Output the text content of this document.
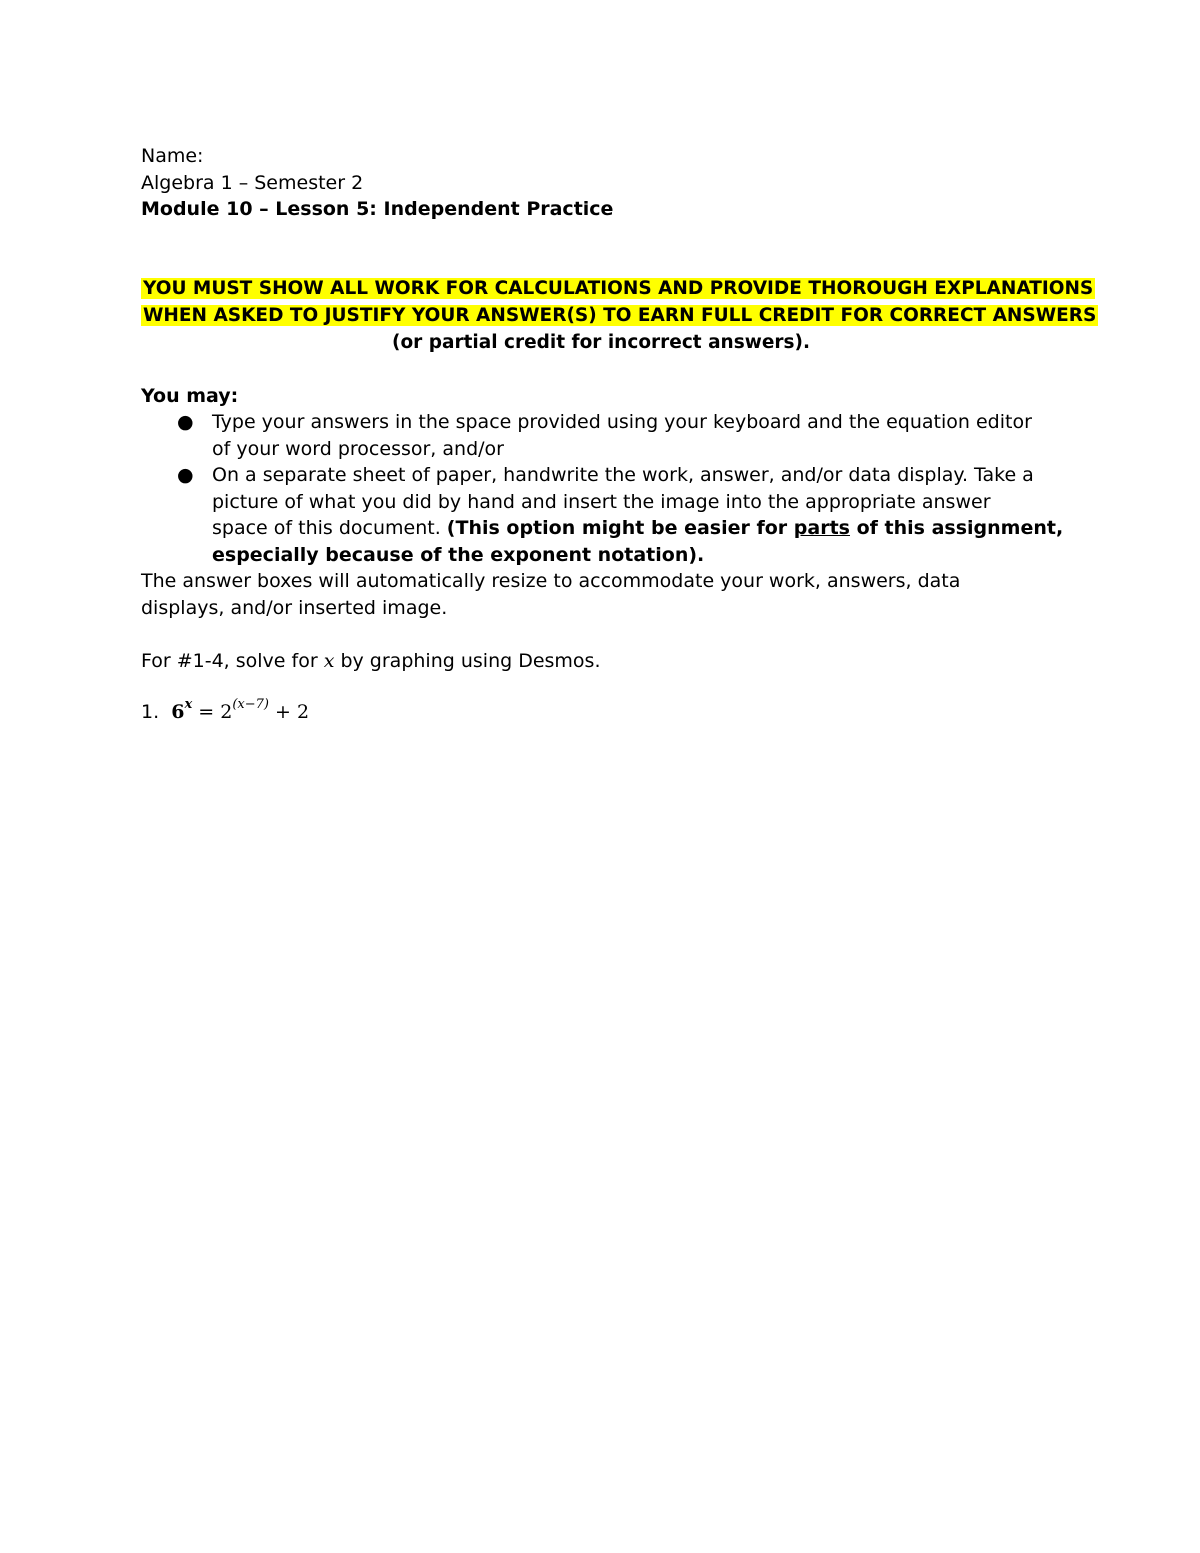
Name:
Algebra 1 – Semester 2
Module 10 – Lesson 5: Independent Practice
YOU MUST SHOW ALL WORK FOR CALCULATIONS AND PROVIDE THOROUGH EXPLANATIONS
WHEN ASKED TO JUSTIFY YOUR ANSWER(S) TO EARN FULL CREDIT FOR CORRECT ANSWERS
(or partial credit for incorrect answers).
You may:
● Type your answers in the space provided using your keyboard and the equation editor
of your word processor, and/or
● On a separate sheet of paper, handwrite the work, answer, and/or data display. Take a
picture of what you did by hand and insert the image into the appropriate answer
space of this document. (This option might be easier for parts of this assignment,
especially because of the exponent notation).
The answer boxes will automatically resize to accommodate your work, answers, data
displays, and/or inserted image.
For #1-4, solve for x by graphing using Desmos.
1. $6^x = 2^{(x-7)} + 2$
